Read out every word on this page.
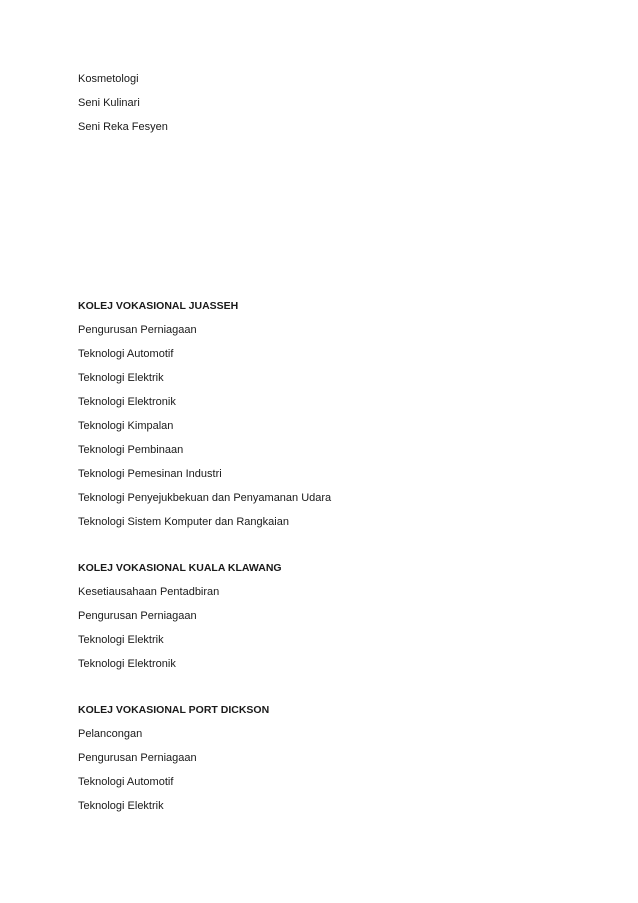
Kosmetologi
Seni Kulinari
Seni Reka Fesyen
KOLEJ VOKASIONAL JUASSEH
Pengurusan Perniagaan
Teknologi Automotif
Teknologi Elektrik
Teknologi Elektronik
Teknologi Kimpalan
Teknologi Pembinaan
Teknologi Pemesinan Industri
Teknologi Penyejukbekuan dan Penyamanan Udara
Teknologi Sistem Komputer dan Rangkaian
KOLEJ VOKASIONAL KUALA KLAWANG
Kesetiausahaan Pentadbiran
Pengurusan Perniagaan
Teknologi Elektrik
Teknologi Elektronik
KOLEJ VOKASIONAL PORT DICKSON
Pelancongan
Pengurusan Perniagaan
Teknologi Automotif
Teknologi Elektrik
